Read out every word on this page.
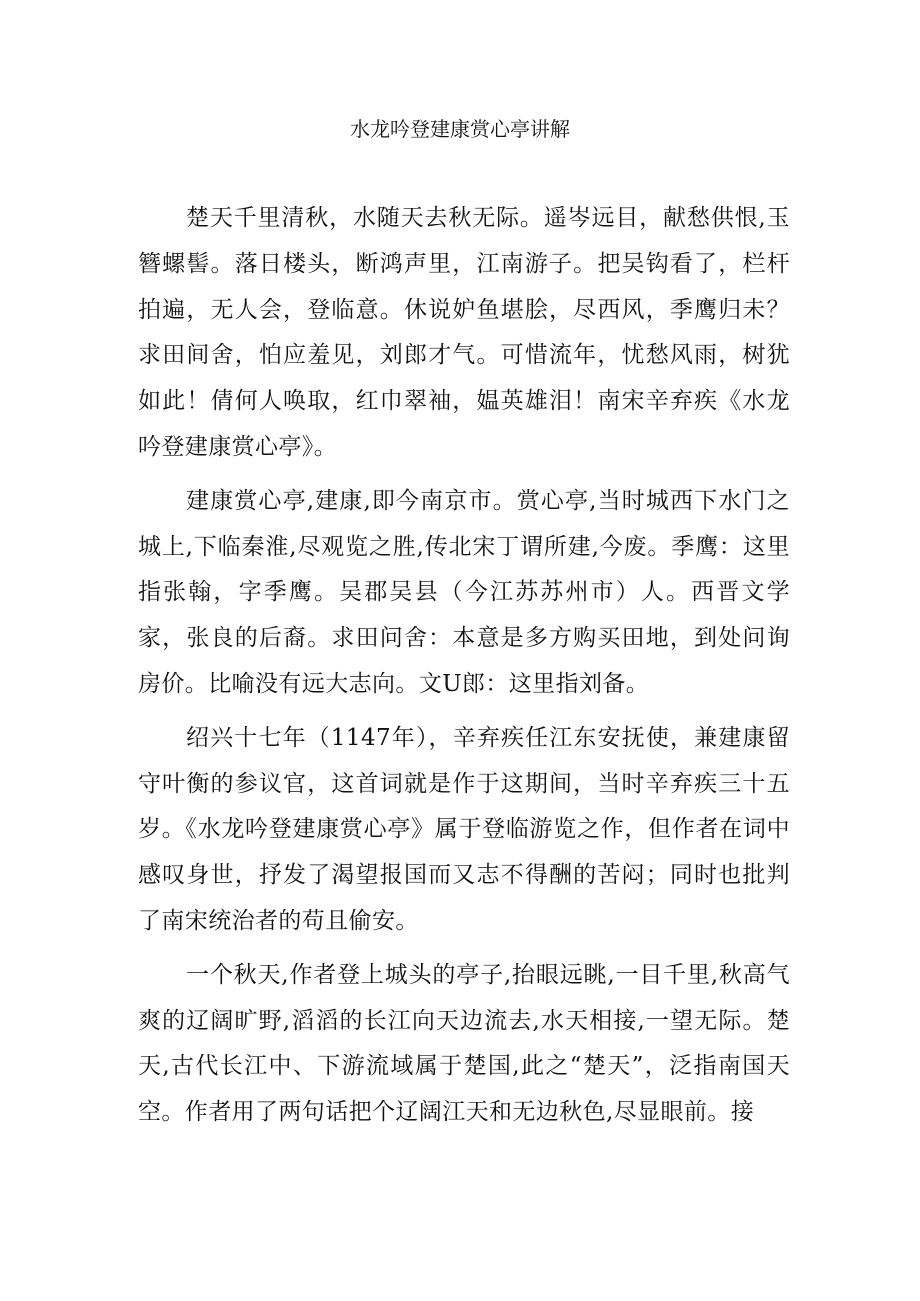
水龙吟登建康赏心亭讲解

楚天千里清秋，水随天去秋无际。遥岑远目，献愁供恨,玉簪螺髻。落日楼头，断鸿声里，江南游子。把吴钩看了，栏杆拍遍，无人会，登临意。休说妒鱼堪脍，尽西风，季鹰归未？求田间舍，怕应羞见，刘郎才气。可惜流年，忧愁风雨，树犹如此！倩何人唤取，红巾翠袖，媪英雄泪！南宋辛弃疾《水龙吟登建康赏心亭》。

建康赏心亭,建康,即今南京市。赏心亭,当时城西下水门之城上,下临秦淮,尽观览之胜,传北宋丁谓所建,今废。季鹰：这里指张翰，字季鹰。吴郡吴县（今江苏苏州市）人。西晋文学家，张良的后裔。求田问舍：本意是多方购买田地，到处问询房价。比喻没有远大志向。文U郎：这里指刘备。

绍兴十七年（1147年），辛弃疾任江东安抚使，兼建康留守叶衡的参议官，这首词就是作于这期间，当时辛弃疾三十五岁。《水龙吟登建康赏心亭》属于登临游览之作，但作者在词中感叹身世，抒发了渴望报国而又志不得酬的苦闷；同时也批判了南宋统治者的苟且偷安。

一个秋天,作者登上城头的亭子,抬眼远眺,一目千里,秋高气爽的辽阔旷野,滔滔的长江向天边流去,水天相接,一望无际。楚天,古代长江中、下游流域属于楚国,此之“楚天”，泛指南国天空。作者用了两句话把个辽阔江天和无边秋色,尽显眼前。接
